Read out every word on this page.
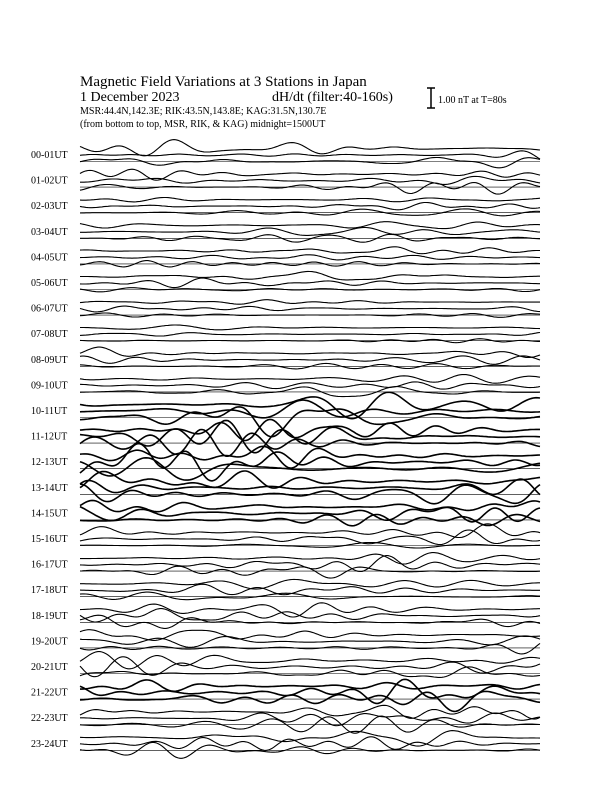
Magnetic Field Variations at 3 Stations in Japan
1 December 2023	dH/dt (filter:40-160s)
MSR:44.4N,142.3E; RIK:43.5N,143.8E; KAG:31.5N,130.7E
(from bottom to top, MSR, RIK, & KAG) midnight=1500UT
1.00 nT at T=80s
00-01UT
01-02UT
02-03UT
03-04UT
04-05UT
05-06UT
06-07UT
07-08UT
08-09UT
09-10UT
10-11UT
11-12UT
12-13UT
13-14UT
14-15UT
15-16UT
16-17UT
17-18UT
18-19UT
19-20UT
20-21UT
21-22UT
22-23UT
23-24UT
